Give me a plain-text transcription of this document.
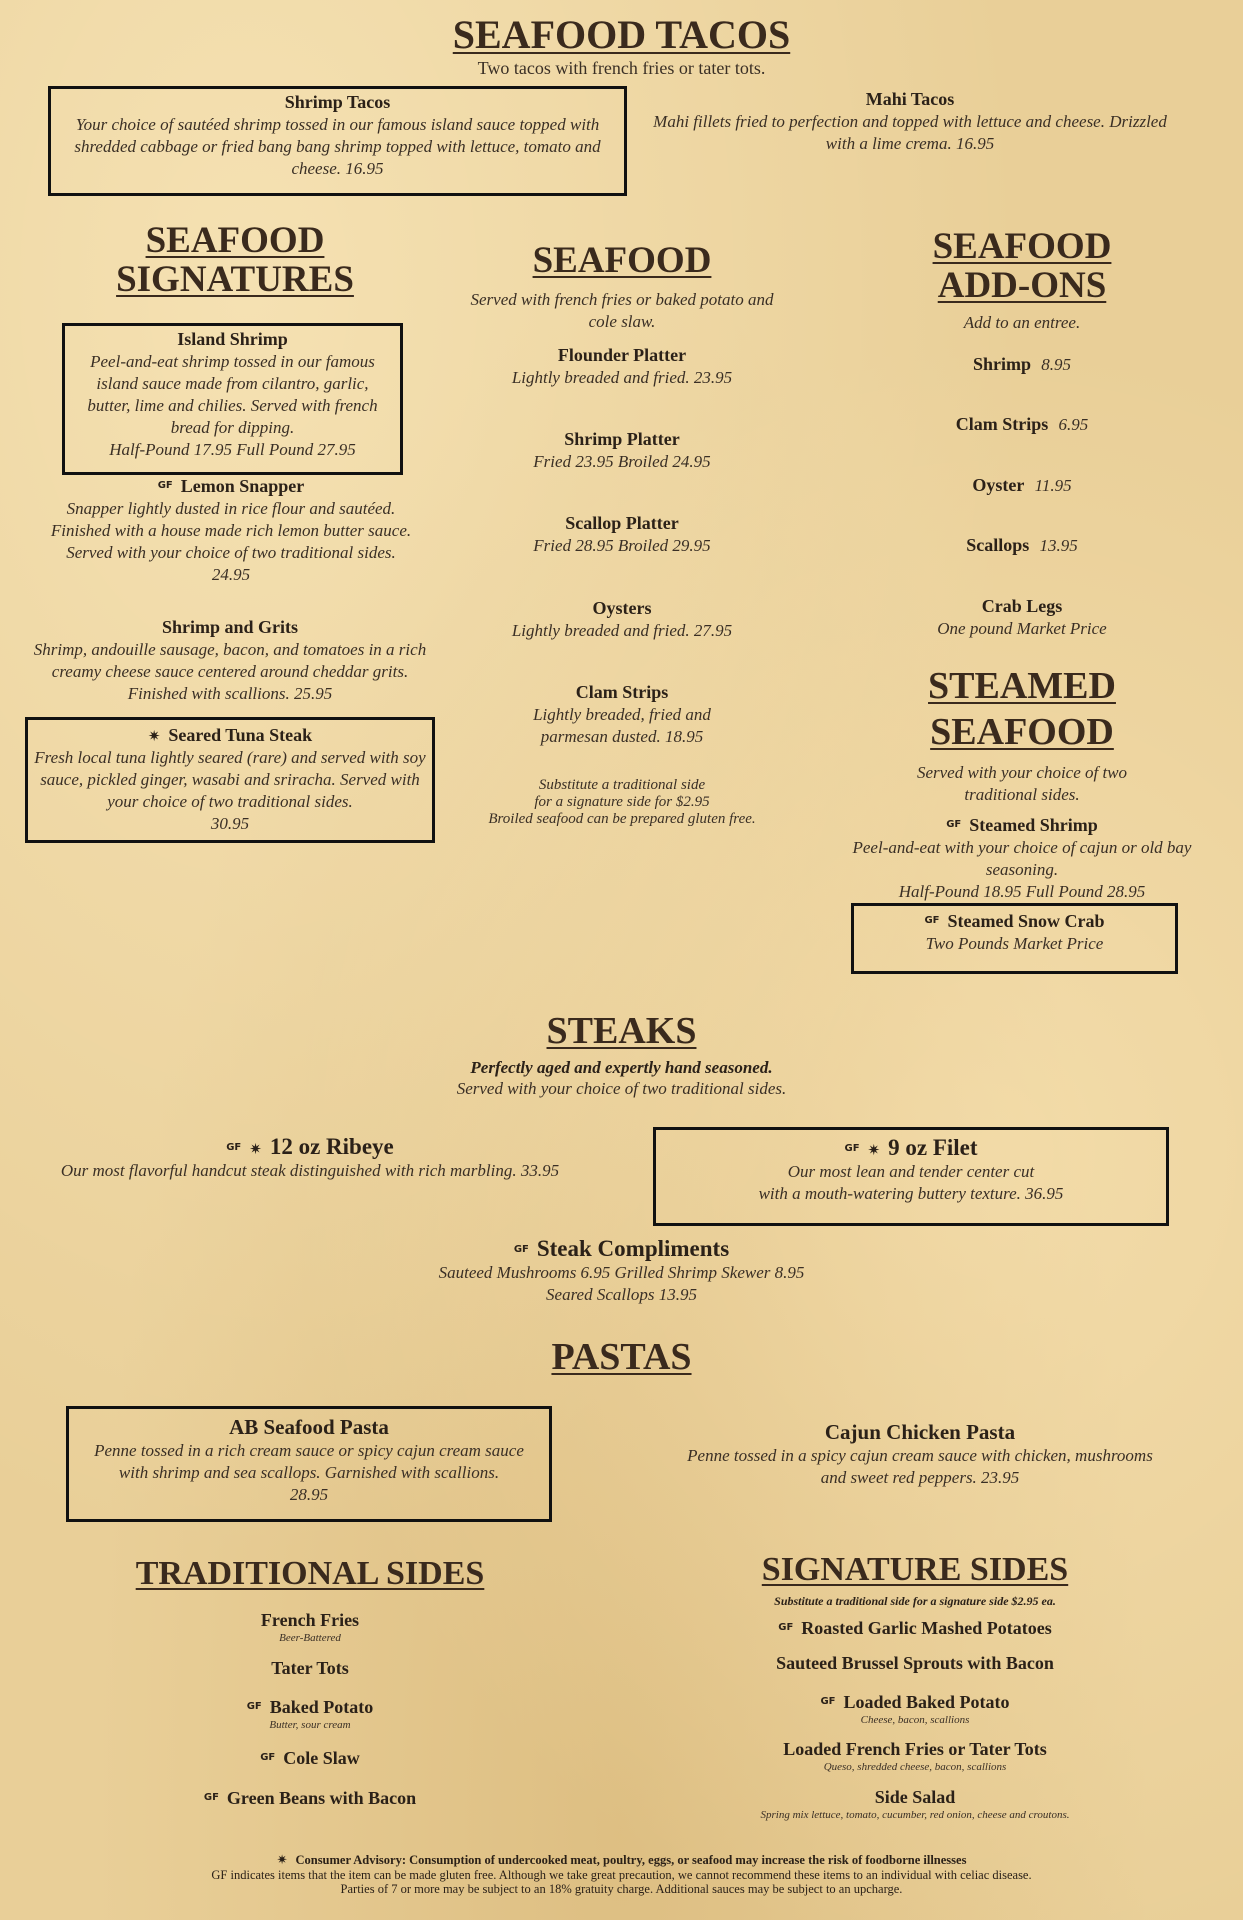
SEAFOOD TACOS
Two tacos with french fries or tater tots.
Shrimp Tacos
Your choice of sautéed shrimp tossed in our famous island sauce topped with shredded cabbage or fried bang bang shrimp topped with lettuce, tomato and cheese. 16.95
Mahi Tacos
Mahi fillets fried to perfection and topped with lettuce and cheese. Drizzled with a lime crema. 16.95
SEAFOOD
SIGNATURES
Island Shrimp
Peel-and-eat shrimp tossed in our famous island sauce made from cilantro, garlic, butter, lime and chilies. Served with french bread for dipping.
Half-Pound 17.95 Full Pound 27.95
$^{GF}$ Lemon Snapper
Snapper lightly dusted in rice flour and sautéed. Finished with a house made rich lemon butter sauce. Served with your choice of two traditional sides.
24.95
Shrimp and Grits
Shrimp, andouille sausage, bacon, and tomatoes in a rich creamy cheese sauce centered around cheddar grits. Finished with scallions. 25.95
✷ Seared Tuna Steak
Fresh local tuna lightly seared (rare) and served with soy sauce, pickled ginger, wasabi and sriracha. Served with your choice of two traditional sides.
30.95
SEAFOOD
Served with french fries or baked potato and cole slaw.
Flounder Platter
Lightly breaded and fried. 23.95
Shrimp Platter
Fried 23.95 Broiled 24.95
Scallop Platter
Fried 28.95 Broiled 29.95
Oysters
Lightly breaded and fried. 27.95
Clam Strips
Lightly breaded, fried and parmesan dusted. 18.95
Substitute a traditional side
for a signature side for $2.95
Broiled seafood can be prepared gluten free.
SEAFOOD
ADD-ONS
Add to an entree.
Shrimp 8.95
Clam Strips 6.95
Oyster 11.95
Scallops 13.95
Crab Legs
One pound Market Price
STEAMED
SEAFOOD
Served with your choice of two traditional sides.
$^{GF}$ Steamed Shrimp
Peel-and-eat with your choice of cajun or old bay seasoning.
Half-Pound 18.95 Full Pound 28.95
$^{GF}$ Steamed Snow Crab
Two Pounds Market Price
STEAKS
Perfectly aged and expertly hand seasoned.
Served with your choice of two traditional sides.
GF ✷ 12 oz Ribeye
Our most flavorful handcut steak distinguished with rich marbling. 33.95
GF ✷ 9 oz Filet
Our most lean and tender center cut
with a mouth-watering buttery texture. 36.95
GF Steak Compliments
Sauteed Mushrooms 6.95 Grilled Shrimp Skewer 8.95
Seared Scallops 13.95
PASTAS
AB Seafood Pasta
Penne tossed in a rich cream sauce or spicy cajun cream sauce with shrimp and sea scallops. Garnished with scallions.
28.95
Cajun Chicken Pasta
Penne tossed in a spicy cajun cream sauce with chicken, mushrooms and sweet red peppers. 23.95
TRADITIONAL SIDES
French Fries
Beer-Battered
Tater Tots
$^{GF}$ Baked Potato
Butter, sour cream
$^{GF}$ Cole Slaw
$^{GF}$ Green Beans with Bacon
SIGNATURE SIDES
Substitute a traditional side for a signature side $2.95 ea.
$^{GF}$ Roasted Garlic Mashed Potatoes
Sauteed Brussel Sprouts with Bacon
$^{GF}$ Loaded Baked Potato
Cheese, bacon, scallions
Loaded French Fries or Tater Tots
Queso, shredded cheese, bacon, scallions
Side Salad
Spring mix lettuce, tomato, cucumber, red onion, cheese and croutons.
✷ Consumer Advisory: Consumption of undercooked meat, poultry, eggs, or seafood may increase the risk of foodborne illnesses
GF indicates items that the item can be made gluten free. Although we take great precaution, we cannot recommend these items to an individual with celiac disease.
Parties of 7 or more may be subject to an 18% gratuity charge. Additional sauces may be subject to an upcharge.
